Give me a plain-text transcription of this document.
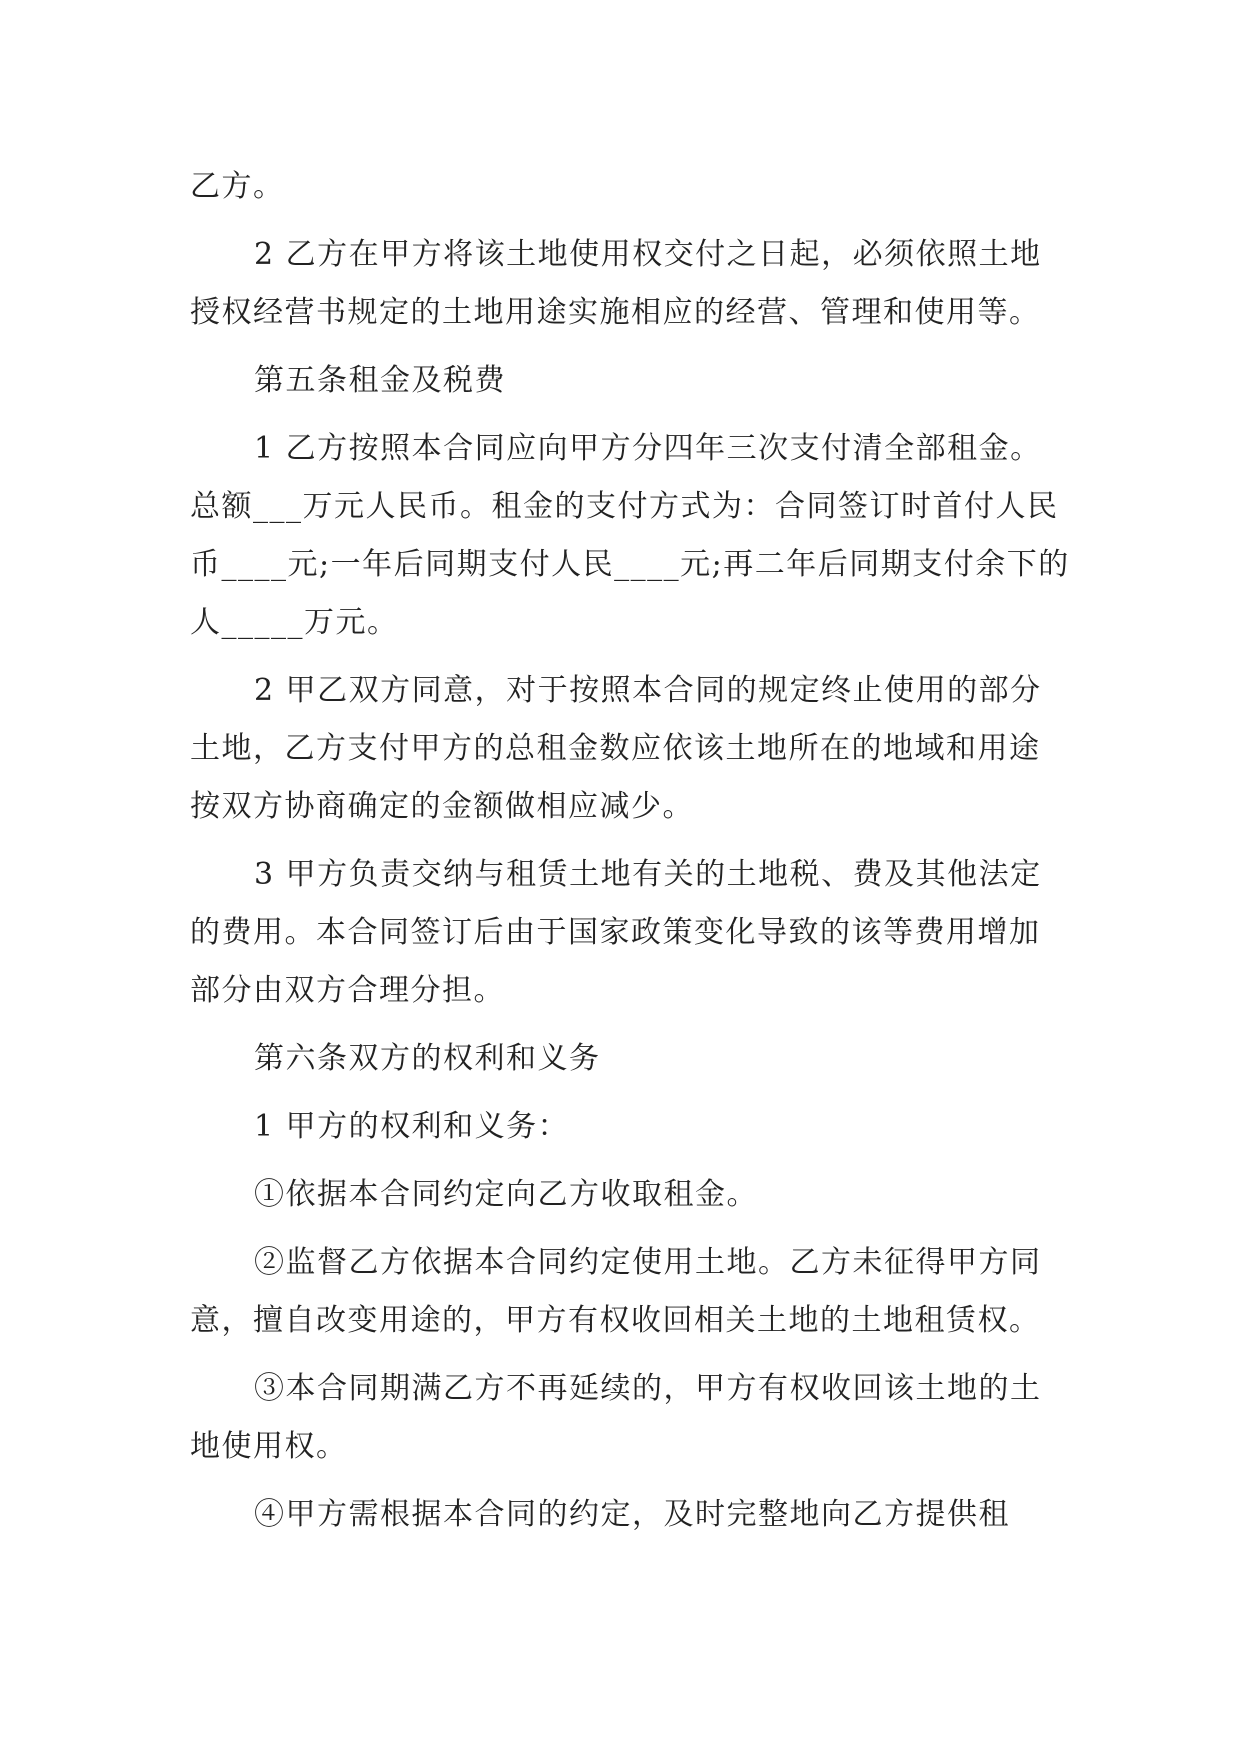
乙方。

2 乙方在甲方将该土地使用权交付之日起，必须依照土地授权经营书规定的土地用途实施相应的经营、管理和使用等。

第五条租金及税费

1 乙方按照本合同应向甲方分四年三次支付清全部租金。总额___万元人民币。租金的支付方式为：合同签订时首付人民币____元;一年后同期支付人民____元;再二年后同期支付余下的人_____万元。

2 甲乙双方同意，对于按照本合同的规定终止使用的部分土地，乙方支付甲方的总租金数应依该土地所在的地域和用途按双方协商确定的金额做相应减少。

3 甲方负责交纳与租赁土地有关的土地税、费及其他法定的费用。本合同签订后由于国家政策变化导致的该等费用增加部分由双方合理分担。

第六条双方的权利和义务

1 甲方的权利和义务：

①依据本合同约定向乙方收取租金。

②监督乙方依据本合同约定使用土地。乙方未征得甲方同意，擅自改变用途的，甲方有权收回相关土地的土地租赁权。

③本合同期满乙方不再延续的，甲方有权收回该土地的土地使用权。

④甲方需根据本合同的约定，及时完整地向乙方提供租
